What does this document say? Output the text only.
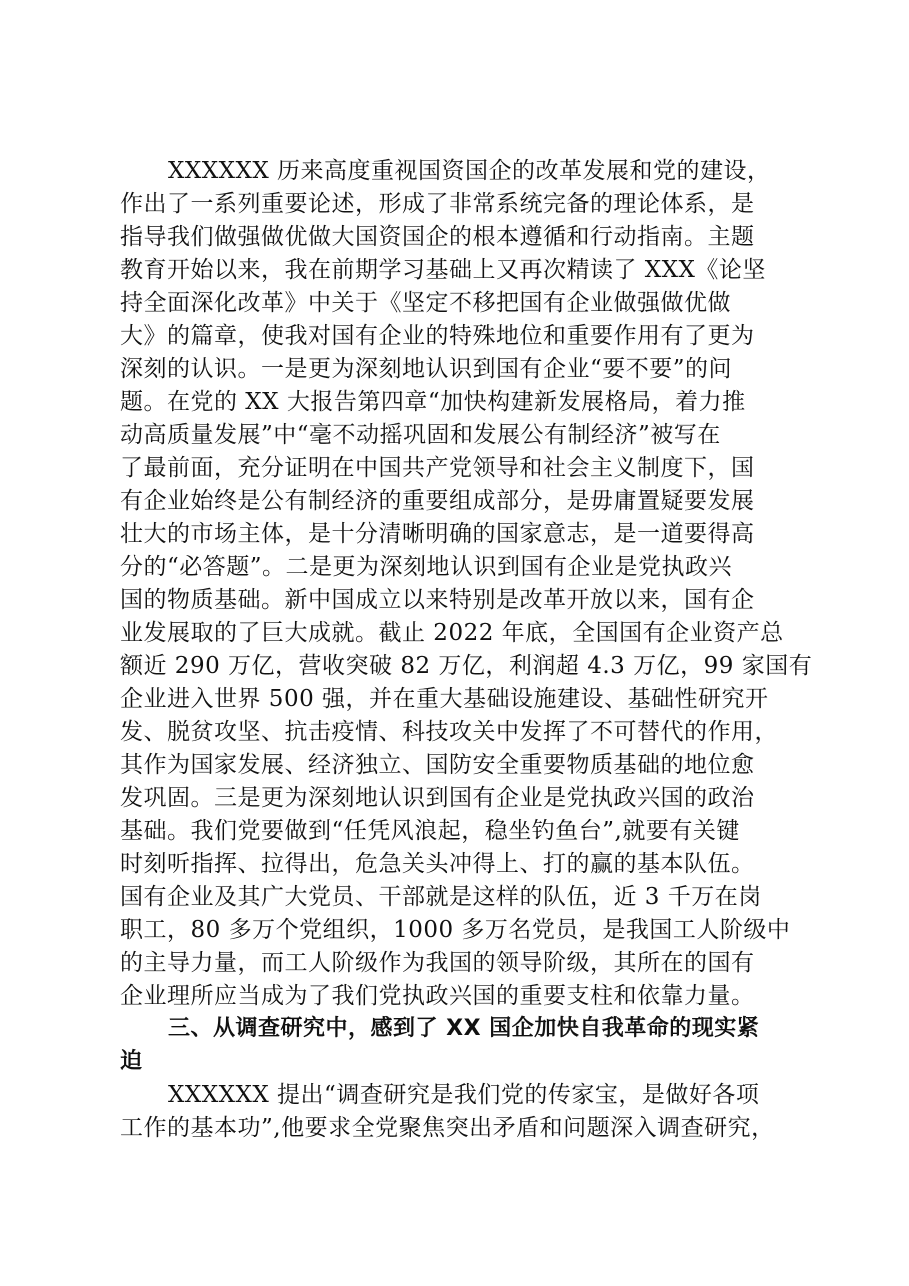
XXXXXX 历来高度重视国资国企的改革发展和党的建设，
作出了一系列重要论述，形成了非常系统完备的理论体系，是
指导我们做强做优做大国资国企的根本遵循和行动指南。主题
教育开始以来，我在前期学习基础上又再次精读了 XXX《论坚
持全面深化改革》中关于《坚定不移把国有企业做强做优做
大》的篇章，使我对国有企业的特殊地位和重要作用有了更为
深刻的认识。一是更为深刻地认识到国有企业“要不要”的问
题。在党的 XX 大报告第四章“加快构建新发展格局，着力推
动高质量发展”中“毫不动摇巩固和发展公有制经济”被写在
了最前面，充分证明在中国共产党领导和社会主义制度下，国
有企业始终是公有制经济的重要组成部分，是毋庸置疑要发展
壮大的市场主体，是十分清晰明确的国家意志，是一道要得高
分的“必答题”。二是更为深刻地认识到国有企业是党执政兴
国的物质基础。新中国成立以来特别是改革开放以来，国有企
业发展取的了巨大成就。截止 2022 年底，全国国有企业资产总
额近 290 万亿，营收突破 82 万亿，利润超 4.3 万亿，99 家国有
企业进入世界 500 强，并在重大基础设施建设、基础性研究开
发、脱贫攻坚、抗击疫情、科技攻关中发挥了不可替代的作用，
其作为国家发展、经济独立、国防安全重要物质基础的地位愈
发巩固。三是更为深刻地认识到国有企业是党执政兴国的政治
基础。我们党要做到“任凭风浪起，稳坐钓鱼台”,就要有关键
时刻听指挥、拉得出，危急关头冲得上、打的赢的基本队伍。
国有企业及其广大党员、干部就是这样的队伍，近 3 千万在岗
职工，80 多万个党组织，1000 多万名党员，是我国工人阶级中
的主导力量，而工人阶级作为我国的领导阶级，其所在的国有
企业理所应当成为了我们党执政兴国的重要支柱和依靠力量。
三、从调查研究中，感到了 XX 国企加快自我革命的现实紧
迫
XXXXXX 提出“调查研究是我们党的传家宝，是做好各项
工作的基本功”,他要求全党聚焦突出矛盾和问题深入调查研究，
